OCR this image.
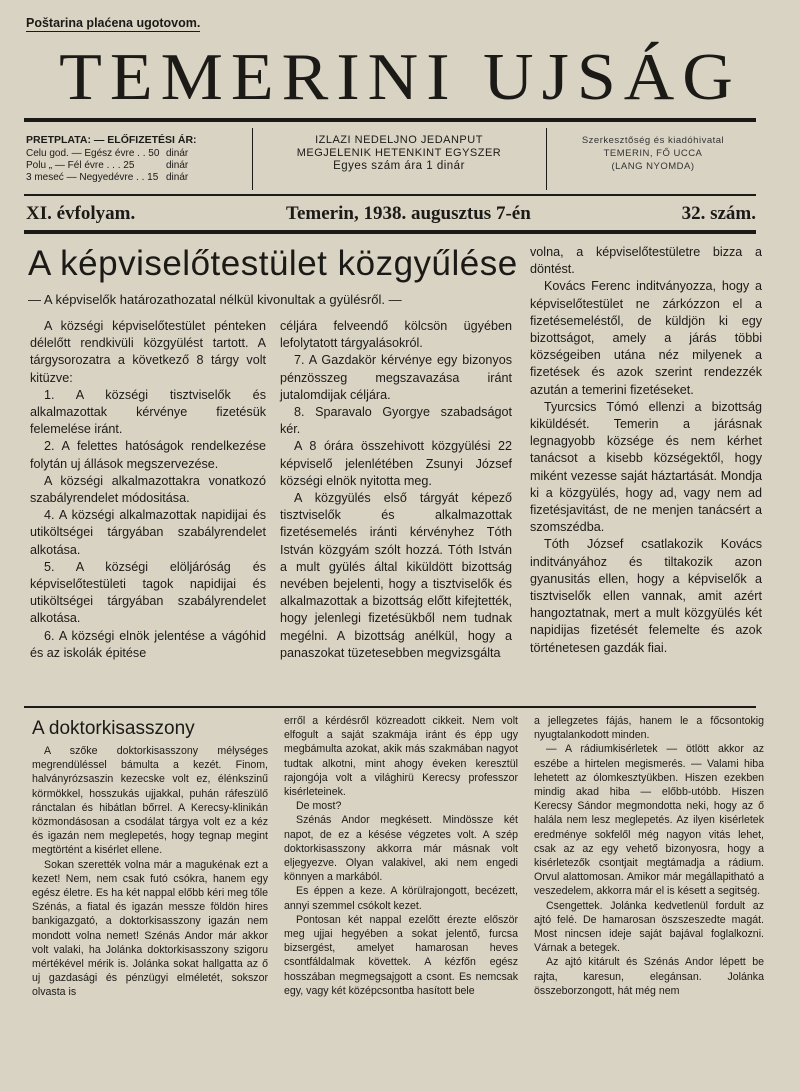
Poštarina plaćena ugotovom.
TEMERINI UJSÁG
PRETPLATA: — ELŐFIZETÉSI ÁR:
Celu god. — Egész évre . . 50 dinár
Polu „ — Fél évre . . . 25	dinár
3 meseć — Negyedévre . . 15 dinár
IZLAZI NEDELJNO JEDANPUT
MEGJELENIK HETENKINT EGYSZER
Egyes szám ára 1 dinár
Szerkesztőség és kiadóhivatal
TEMERIN, FŐ UCCA
(LANG NYOMDA)
XI. évfolyam.	Temerin, 1938. augusztus 7-én	32. szám.
A képviselőtestület közgyűlése
— A képviselők határozathozatal nélkül kivonultak a gyülésről. —

A községi képviselőtestület pénteken délelőtt rendkivüli közgyülést tartott. A tárgysorozatra a következő 8 tárgy volt kitüzve:

1. A községi tisztviselők és alkalmazottak kérvénye fizetésük felemelése iránt.

2. A felettes hatóságok rendelkezése folytán uj állások megszervezése.

A községi alkalmazottakra vonatkozó szabályrendelet módositása.

4. A községi alkalmazottak napidijai és utiköltségei tárgyában szabályrendelet alkotása.

5. A községi elöljáróság és képviselőtestületi tagok napidijai és utiköltségei tárgyában szabályrendelet alkotása.

6. A községi elnök jelentése a vágóhid és az iskolák épitése

céljára felveendő kölcsön ügyében lefolytatott tárgyalásokról.

7. A Gazdakör kérvénye egy bizonyos pénzösszeg megszavazása iránt jutalomdijak céljára.

8. Sparavalo Gyorgye szabadságot kér.

A 8 órára összehivott közgyülési 22 képviselő jelenlétében Zsunyi József községi elnök nyitotta meg.

A közgyülés első tárgyát képező tisztviselők és alkalmazottak fizetésemelés iránti kérvényhez Tóth István közgyám szólt hozzá. Tóth István a mult gyülés által kiküldött bizottság nevében bejelenti, hogy a tisztviselők és alkalmazottak a bizottság előtt kifejtették, hogy jelenlegi fizetésükből nem tudnak megélni. A bizottság anélkül, hogy a panaszokat tüzetesebben megvizsgálta

volna, a képviselőtestületre bizza a döntést.

Kovács Ferenc inditványozza, hogy a képviselőtestület ne zárkózzon el a fizetésemeléstől, de küldjön ki egy bizottságot, amely a járás többi községeiben utána néz milyenek a fizetések és azok szerint rendezzék azután a temerini fizetéseket.

Tyurcsics Tómó ellenzi a bizottság kiküldését. Temerin a járásnak legnagyobb községe és nem kérhet tanácsot a kisebb községektől, hogy miként vezesse saját háztartását. Mondja ki a közgyülés, hogy ad, vagy nem ad fizetésjavitást, de ne menjen tanácsért a szomszédba.

Tóth József csatlakozik Kovács inditványához és tiltakozik azon gyanusitás ellen, hogy a képviselők a tisztviselők ellen vannak, amit azért hangoztatnak, mert a mult közgyülés két napidijas fizetését felemelte és azok történetesen gazdák fiai.

A doktorkisasszony

A szőke doktorkisasszony mélységes megrendüléssel bámulta a kezét. Finom, halványrózsaszin kezecske volt ez, élénkszinű körmökkel, hosszukás ujjakkal, puhán ráfeszülő ránctalan és hibátlan bőrrel. A Kerecsy-klinikán közmondásosan a csodálat tárgya volt ez a kéz és igazán nem meglepetés, hogy tegnap megint megtörtént a kisérlet ellene.

Sokan szerették volna már a magukénak ezt a kezet! Nem, nem csak futó csókra, hanem egy egész életre. Es ha két nappal előbb kéri meg tőle Szénás, a fiatal és igazán messze földön hires bankigazgató, a doktorkisasszony igazán nem mondott volna nemet! Szénás Andor már akkor volt valaki, ha Jolánka doktorkisasszony szigoru mértékével mérik is. Jolánka sokat hallgatta az ő uj gazdasági és pénzügyi elméletét, sokszor olvasta is

erről a kérdésről közreadott cikkeit. Nem volt elfogult a saját szakmája iránt és épp ugy megbámulta azokat, akik más szakmában nagyot tudtak alkotni, mint ahogy éveken keresztül rajongója volt a világhirü Kerecsy professzor kisérleteinek.

De most?

Szénás Andor megkésett. Mindössze két napot, de ez a késése végzetes volt. A szép doktorkisasszony akkorra már másnak volt eljegyezve. Olyan valakivel, aki nem engedi könnyen a markából.

Es éppen a keze. A körülrajongott, becézett, annyi szemmel csókolt kezet.

Pontosan két nappal ezelőtt érezte először meg ujjai hegyében a sokat jelentő, furcsa bizsergést, amelyet hamarosan heves csontfáldalmak követtek. A kézfőn egész hosszában megmegsajgott a csont. Es nemcsak egy, vagy két középcsontba hasított bele

a jellegzetes fájás, hanem le a főcsontokig nyugtalankodott minden.

— A rádiumkisérletek — ötlött akkor az eszébe a hirtelen megismerés. — Valami hiba lehetett az ólomkesztyükben. Hiszen ezekben mindig akad hiba — előbb-utóbb. Hiszen Kerecsy Sándor megmondotta neki, hogy az ő halála nem lesz meglepetés. Az ilyen kisérletek eredménye sokfelől még nagyon vitás lehet, csak az az egy vehető bizonyosra, hogy a kisérletezők csontjait megtámadja a rádium. Orvul alattomosan. Amikor már megállapitható a veszedelem, akkorra már el is késett a segitség.

Csengettek. Jolánka kedvetlenül fordult az ajtó felé. De hamarosan öszszeszedte magát. Most nincsen ideje saját bajával foglalkozni. Várnak a betegek.

Az ajtó kitárult és Szénás Andor lépett be rajta, karesun, elegánsan. Jolánka összeborzongott, hát még nem
